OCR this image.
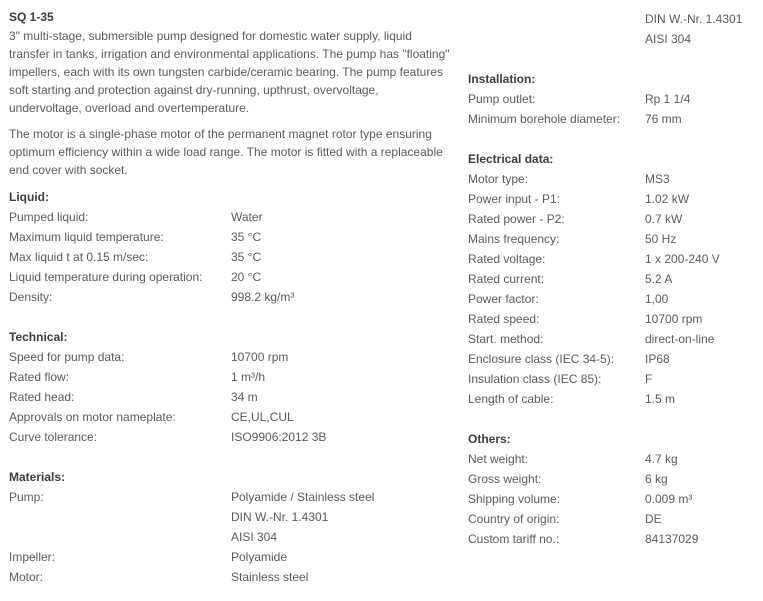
SQ 1-35

3" multi-stage, submersible pump designed for domestic water supply, liquid transfer in tanks, irrigation and environmental applications. The pump has "floating" impellers, each with its own tungsten carbide/ceramic bearing. The pump features soft starting and protection against dry-running, upthrust, overvoltage, undervoltage, overload and overtemperature.

The motor is a single-phase motor of the permanent magnet rotor type ensuring optimum efficiency within a wide load range. The motor is fitted with a replaceable end cover with socket.

Liquid:
Pumped liquid:	Water
Maximum liquid temperature:	35 °C
Max liquid t at 0.15 m/sec:	35 °C
Liquid temperature during operation: 20 °C
Density:	998.2 kg/m³
Technical:
Speed for pump data:	10700 rpm
Rated flow:	1 m³/h
Rated head:	34 m
Approvals on motor nameplate:	CE,UL,CUL
Curve tolerance:	ISO9906:2012 3B
Materials:
Pump:	Polyamide / Stainless steel
DIN W.-Nr. 1.4301
AISI 304
Impeller:	Polyamide
Motor:	Stainless steel
DIN W.-Nr. 1.4301
AISI 304
Installation:
Pump outlet:	Rp 1 1/4
Minimum borehole diameter: 76 mm
Electrical data:
Motor type:	MS3
Power input - P1:	1.02 kW
Rated power - P2:	0.7 kW
Mains frequency:	50 Hz
Rated voltage:	1 x 200-240 V
Rated current:	5.2 A
Power factor:	1,00
Rated speed:	10700 rpm
Start. method:	direct-on-line
Enclosure class (IEC 34-5):	IP68
Insulation class (IEC 85):	F
Length of cable:	1.5 m
Others:
Net weight:	4.7 kg
Gross weight:	6 kg
Shipping volume:	0.009 m³
Country of origin:	DE
Custom tariff no.:	84137029
